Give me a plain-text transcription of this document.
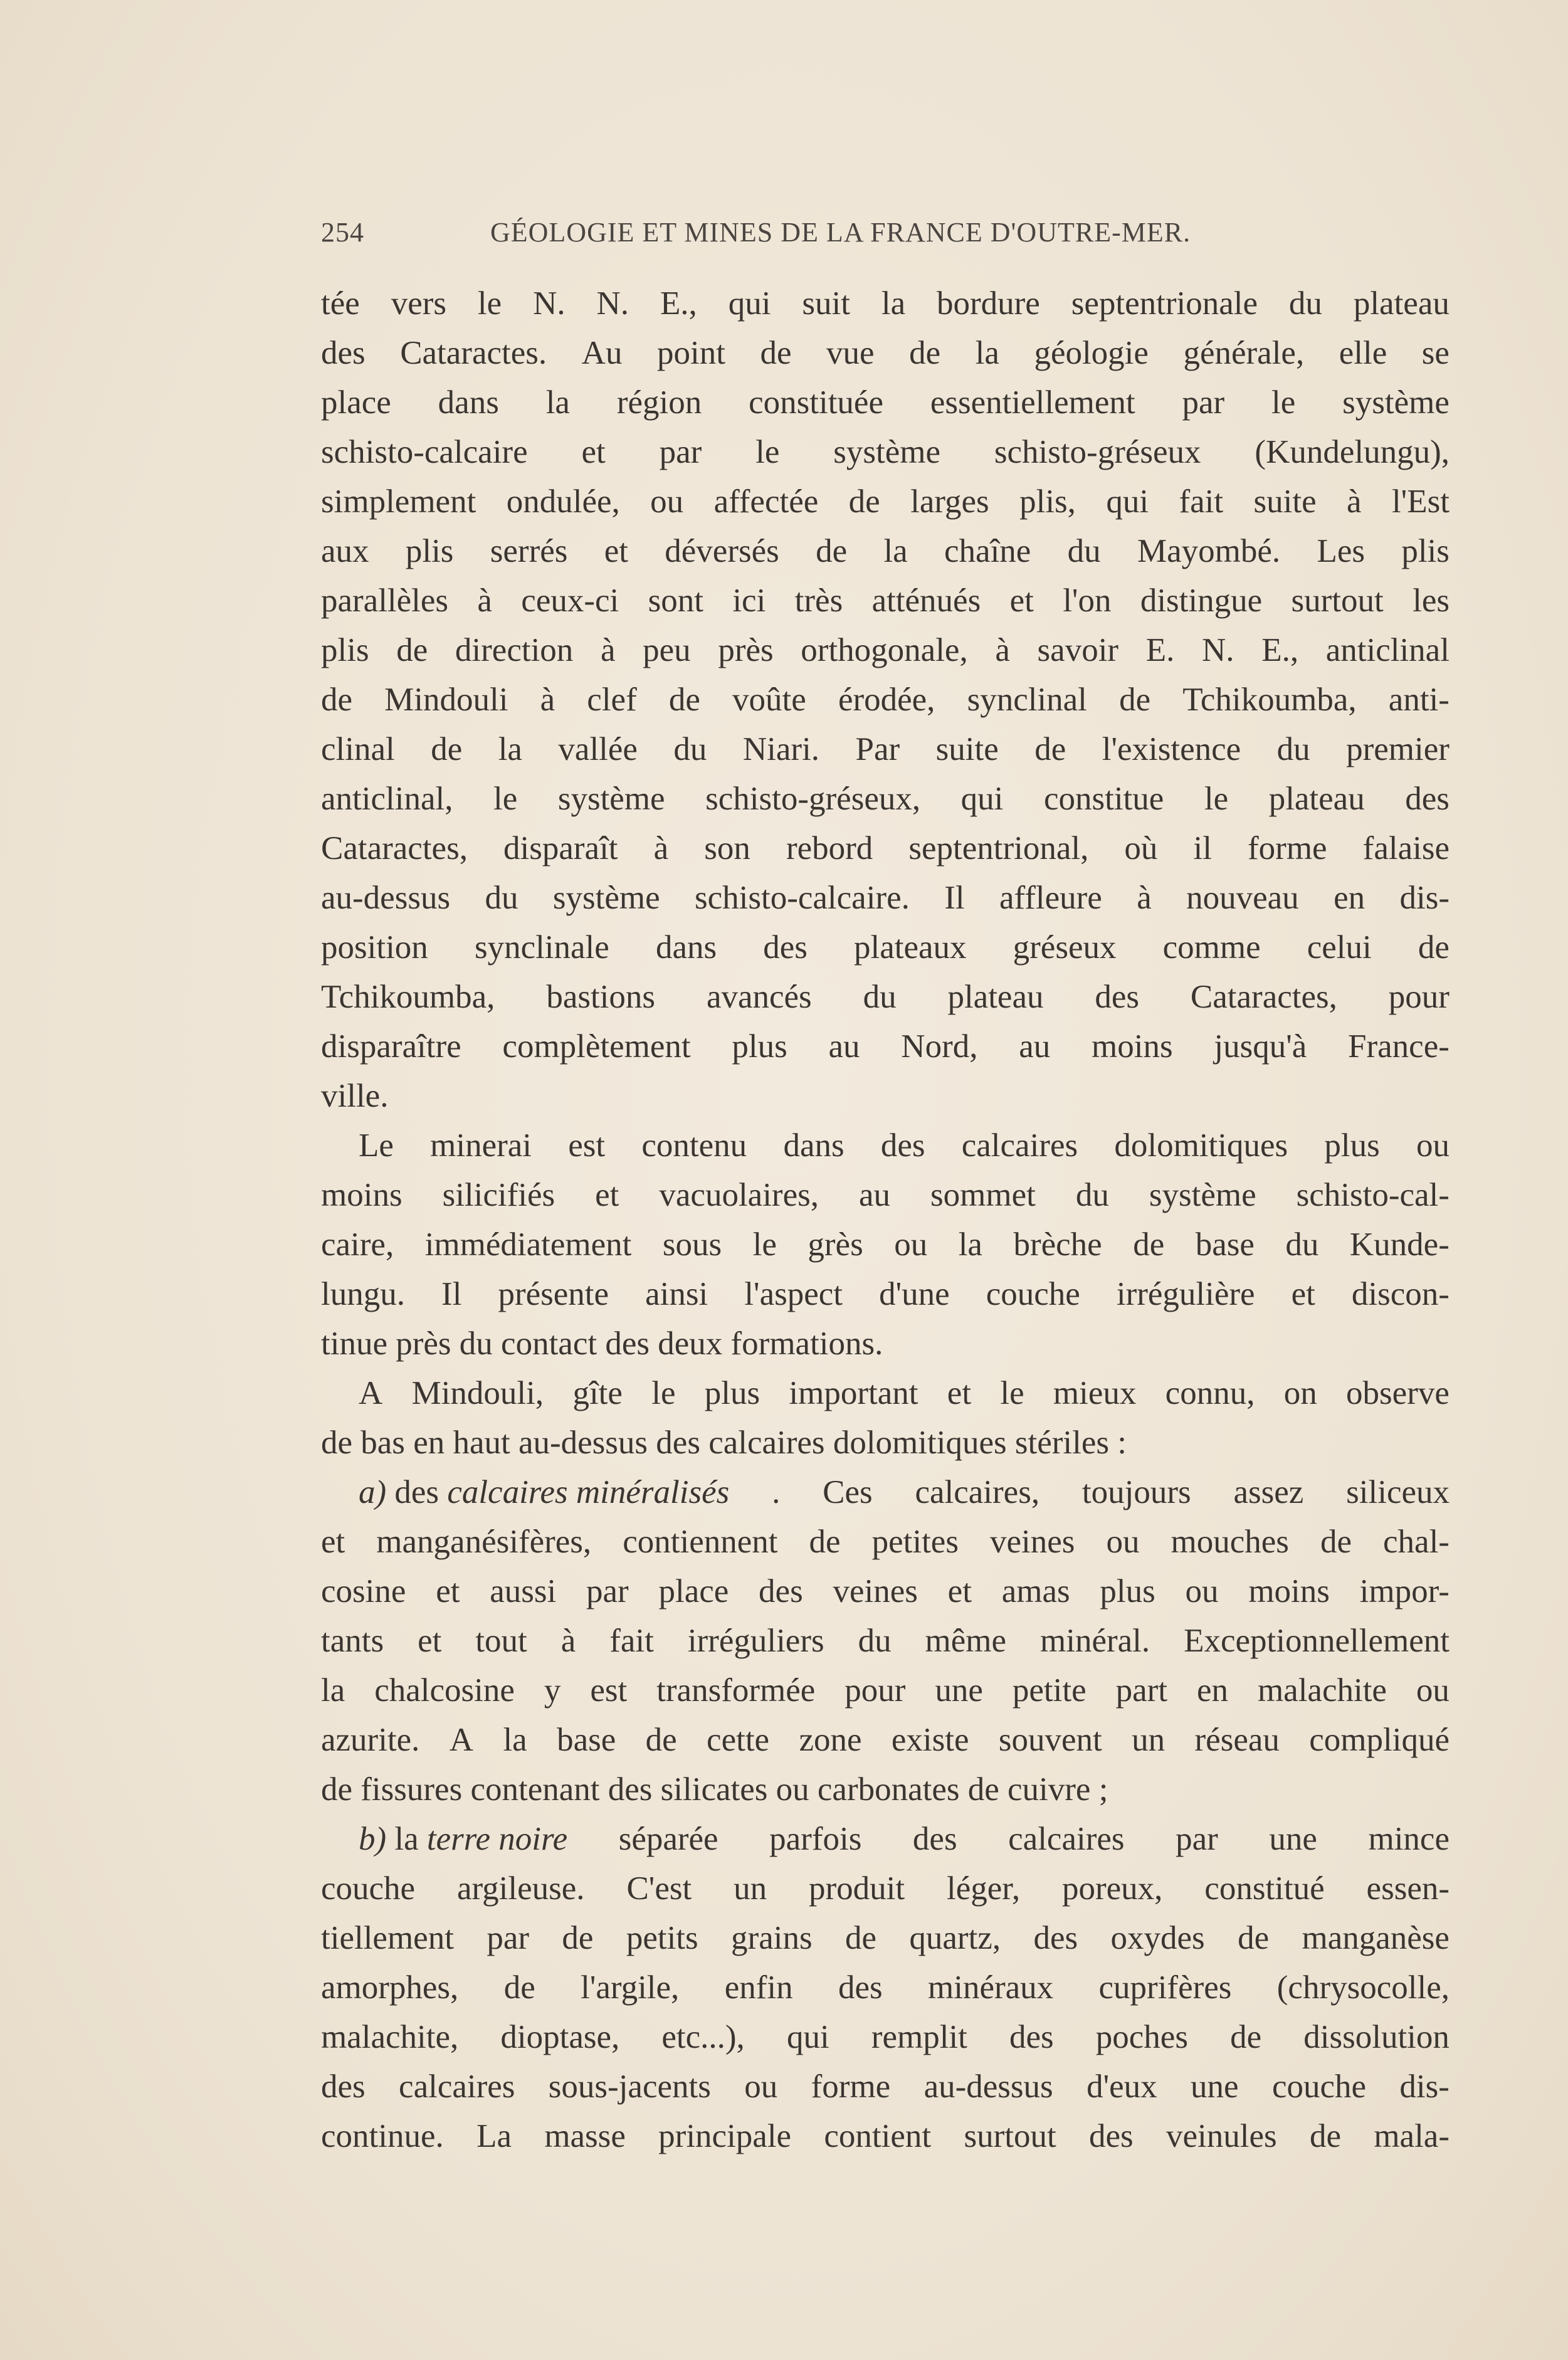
254	GÉOLOGIE ET MINES DE LA FRANCE D'OUTRE-MER.
tée vers le N. N. E., qui suit la bordure septentrionale du plateau
des Cataractes. Au point de vue de la géologie générale, elle se
place dans la région constituée essentiellement par le système
schisto-calcaire et par le système schisto-gréseux (Kundelungu),
simplement ondulée, ou affectée de larges plis, qui fait suite à l'Est
aux plis serrés et déversés de la chaîne du Mayombé. Les plis
parallèles à ceux-ci sont ici très atténués et l'on distingue surtout les
plis de direction à peu près orthogonale, à savoir E. N. E., anticlinal
de Mindouli à clef de voûte érodée, synclinal de Tchikoumba, anti-
clinal de la vallée du Niari. Par suite de l'existence du premier
anticlinal, le système schisto-gréseux, qui constitue le plateau des
Cataractes, disparaît à son rebord septentrional, où il forme falaise
au-dessus du système schisto-calcaire. Il affleure à nouveau en dis-
position synclinale dans des plateaux gréseux comme celui de
Tchikoumba, bastions avancés du plateau des Cataractes, pour
disparaître complètement plus au Nord, au moins jusqu'à France-
ville.
Le minerai est contenu dans des calcaires dolomitiques plus ou
moins silicifiés et vacuolaires, au sommet du système schisto-cal-
caire, immédiatement sous le grès ou la brèche de base du Kunde-
lungu. Il présente ainsi l'aspect d'une couche irrégulière et discon-
tinue près du contact des deux formations.
A Mindouli, gîte le plus important et le mieux connu, on observe
de bas en haut au-dessus des calcaires dolomitiques stériles :
a) des calcaires minéralisés . Ces calcaires, toujours assez siliceux
et manganésifères, contiennent de petites veines ou mouches de chal-
cosine et aussi par place des veines et amas plus ou moins impor-
tants et tout à fait irréguliers du même minéral. Exceptionnellement
la chalcosine y est transformée pour une petite part en malachite ou
azurite. A la base de cette zone existe souvent un réseau compliqué
de fissures contenant des silicates ou carbonates de cuivre ;
b) la terre noire séparée parfois des calcaires par une mince
couche argileuse. C'est un produit léger, poreux, constitué essen-
tiellement par de petits grains de quartz, des oxydes de manganèse
amorphes, de l'argile, enfin des minéraux cuprifères (chrysocolle,
malachite, dioptase, etc...), qui remplit des poches de dissolution
des calcaires sous-jacents ou forme au-dessus d'eux une couche dis-
continue. La masse principale contient surtout des veinules de mala-
